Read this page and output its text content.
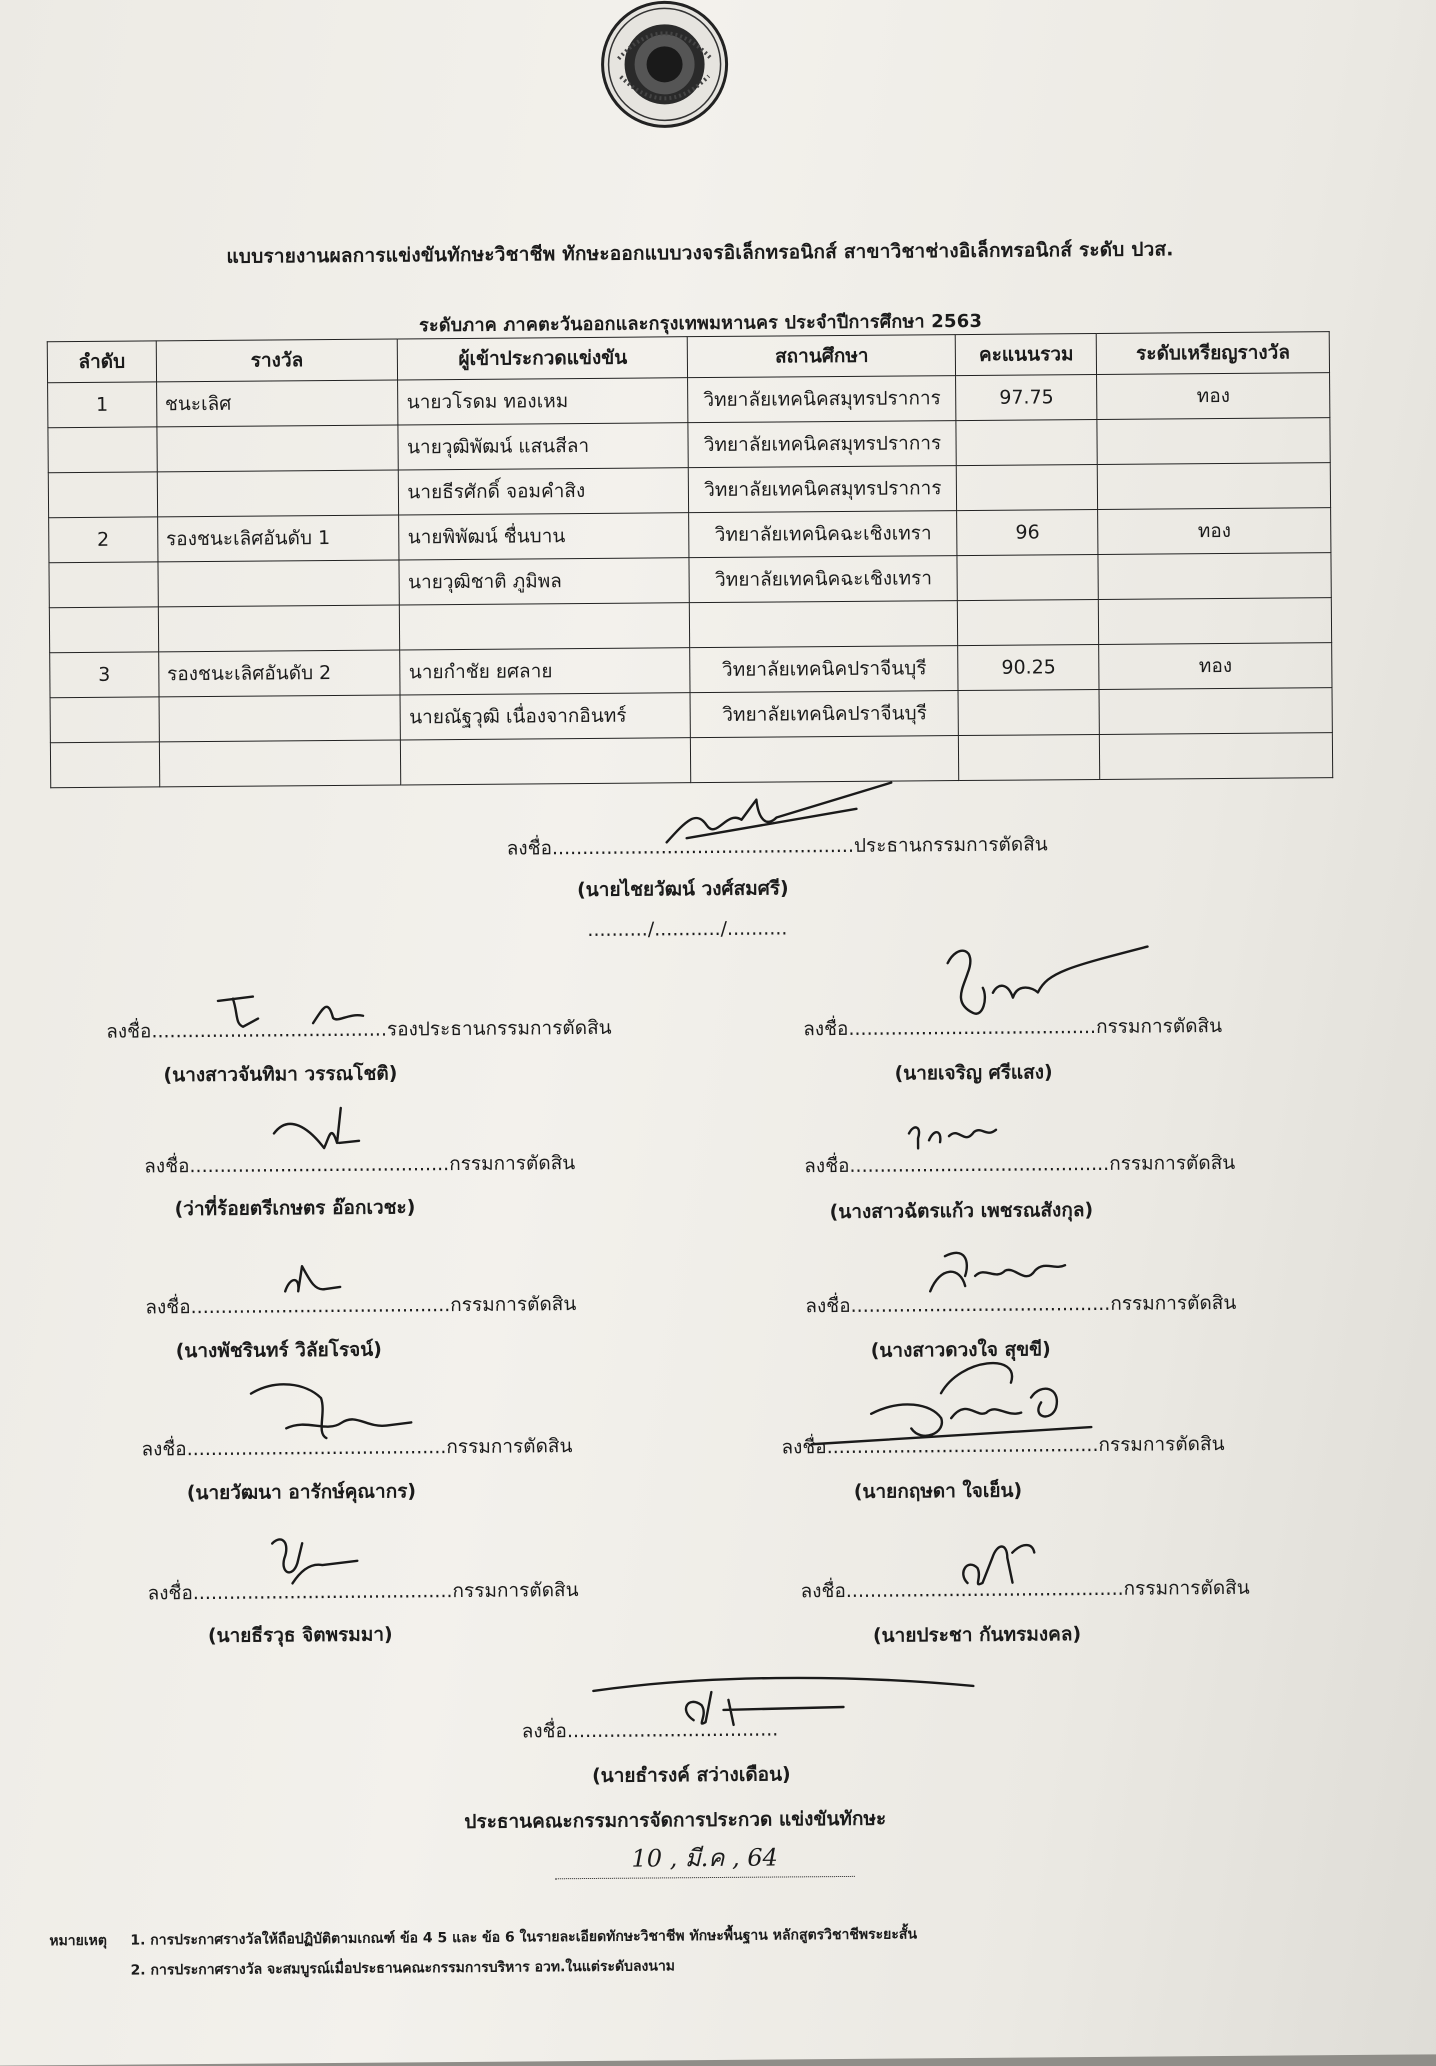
แบบรายงานผลการแข่งขันทักษะวิชาชีพ ทักษะออกแบบวงจรอิเล็กทรอนิกส์ สาขาวิชาช่างอิเล็กทรอนิกส์ ระดับ ปวส.
ระดับภาค ภาคตะวันออกและกรุงเทพมหานคร ประจำปีการศึกษา 2563
ลำดับ	รางวัล	ผู้เข้าประกวดแข่งขัน	สถานศึกษา	คะแนนรวม	ระดับเหรียญรางวัล
1	ชนะเลิศ	นายวโรดม ทองเหม	วิทยาลัยเทคนิคสมุทรปราการ	97.75	ทอง
		นายวุฒิพัฒน์ แสนสีลา	วิทยาลัยเทคนิคสมุทรปราการ		
		นายธีรศักดิ์ จอมคำสิง	วิทยาลัยเทคนิคสมุทรปราการ		
2	รองชนะเลิศอันดับ 1	นายพิพัฒน์ ชื่นบาน	วิทยาลัยเทคนิคฉะเชิงเทรา	96	ทอง
		นายวุฒิชาติ ภูมิพล	วิทยาลัยเทคนิคฉะเชิงเทรา		

3	รองชนะเลิศอันดับ 2	นายกำชัย ยศลาย	วิทยาลัยเทคนิคปราจีนบุรี	90.25	ทอง
		นายณัฐวุฒิ เนื่องจากอินทร์	วิทยาลัยเทคนิคปราจีนบุรี		

ลงชื่อ..................................................ประธานกรรมการตัดสิน
(นายไชยวัฒน์ วงศ์สมศรี)
........../.........../..........
ลงชื่อ.......................................รองประธานกรรมการตัดสิน
(นางสาวจันทิมา วรรณโชติ)
ลงชื่อ.........................................กรรมการตัดสิน
(นายเจริญ ศรีแสง)
ลงชื่อ...........................................กรรมการตัดสิน
(ว่าที่ร้อยตรีเกษตร อ๊อกเวชะ)
ลงชื่อ...........................................กรรมการตัดสิน
(นางสาวฉัตรแก้ว เพชรณสังกุล)
ลงชื่อ...........................................กรรมการตัดสิน
(นางพัชรินทร์ วิลัยโรจน์)
ลงชื่อ...........................................กรรมการตัดสิน
(นางสาวดวงใจ สุขขี)
ลงชื่อ...........................................กรรมการตัดสิน
(นายวัฒนา อารักษ์คุณากร)
ลงชื่อ.............................................กรรมการตัดสิน
(นายกฤษดา ใจเย็น)
ลงชื่อ...........................................กรรมการตัดสิน
(นายธีรวุธ จิตพรมมา)
ลงชื่อ..............................................กรรมการตัดสิน
(นายประชา กันทรมงคล)
ลงชื่อ...................................
(นายธำรงค์ สว่างเดือน)
ประธานคณะกรรมการจัดการประกวด แข่งขันทักษะ
10 , มี.ค , 64
หมายเหตุ 1. การประกาศรางวัลให้ถือปฏิบัติตามเกณฑ์ ข้อ 4 5 และ ข้อ 6 ในรายละเอียดทักษะวิชาชีพ ทักษะพื้นฐาน หลักสูตรวิชาชีพระยะสั้น
2. การประกาศรางวัล จะสมบูรณ์เมื่อประธานคณะกรรมการบริหาร อวท.ในแต่ระดับลงนาม
